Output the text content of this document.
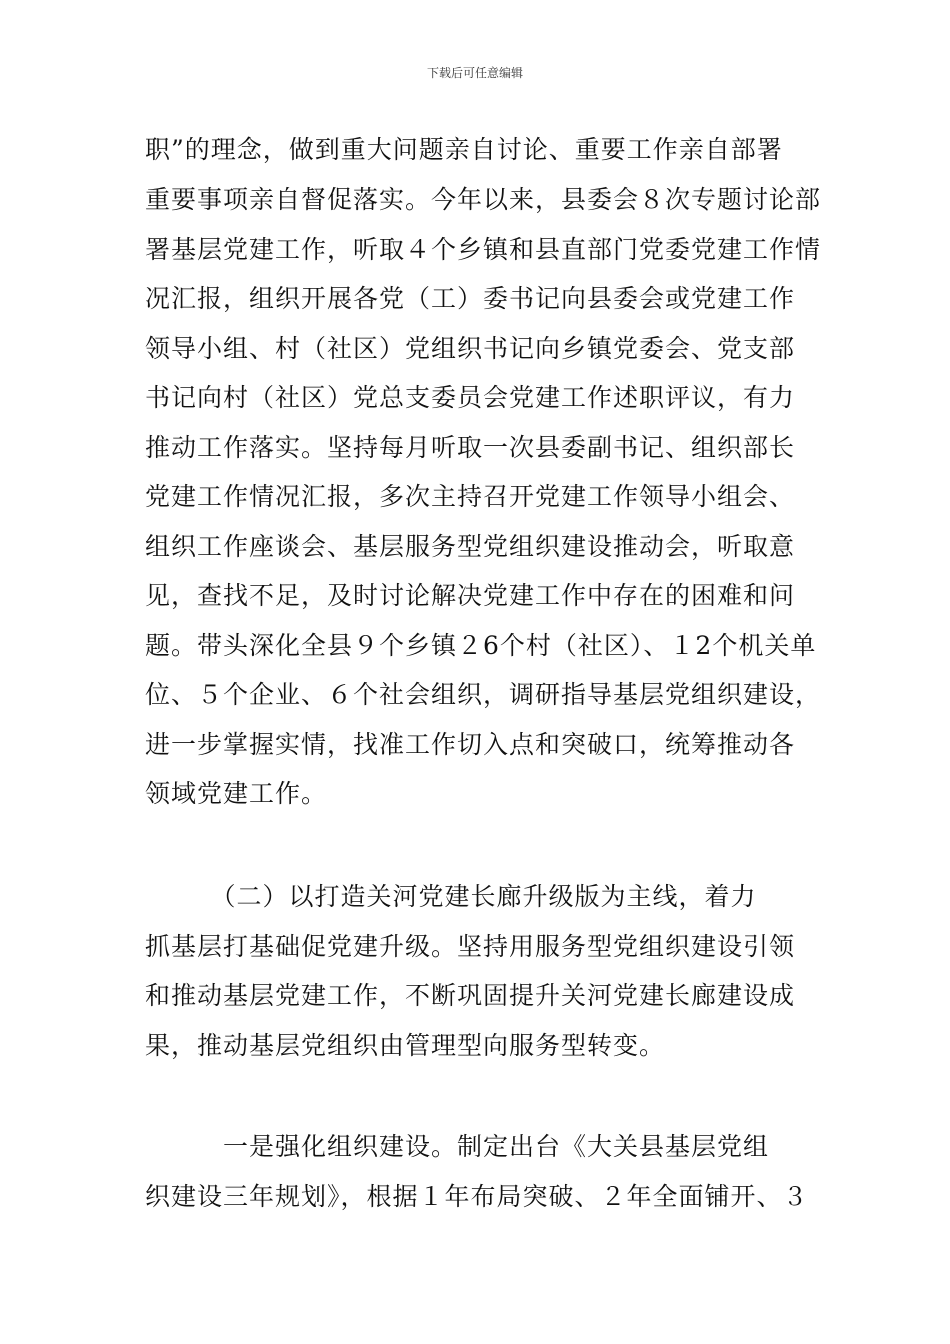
下载后可任意编辑
职”的理念，做到重大问题亲自讨论、重要工作亲自部署
重要事项亲自督促落实。今年以来，县委会８次专题讨论部
署基层党建工作，听取４个乡镇和县直部门党委党建工作情
况汇报，组织开展各党（工）委书记向县委会或党建工作
领导小组、村（社区）党组织书记向乡镇党委会、党支部
书记向村（社区）党总支委员会党建工作述职评议，有力
推动工作落实。坚持每月听取一次县委副书记、组织部长
党建工作情况汇报，多次主持召开党建工作领导小组会、
组织工作座谈会、基层服务型党组织建设推动会，听取意
见，查找不足，及时讨论解决党建工作中存在的困难和问
题。带头深化全县９个乡镇２6个村（社区）、１2个机关单
位、５个企业、６个社会组织，调研指导基层党组织建设，
进一步掌握实情，找准工作切入点和突破口，统筹推动各
领域党建工作。
　　　（二）以打造关河党建长廊升级版为主线，着力
抓基层打基础促党建升级。坚持用服务型党组织建设引领
和推动基层党建工作，不断巩固提升关河党建长廊建设成
果，推动基层党组织由管理型向服务型转变。
　　　一是强化组织建设。制定出台《大关县基层党组
织建设三年规划》，根据１年布局突破、２年全面铺开、３
